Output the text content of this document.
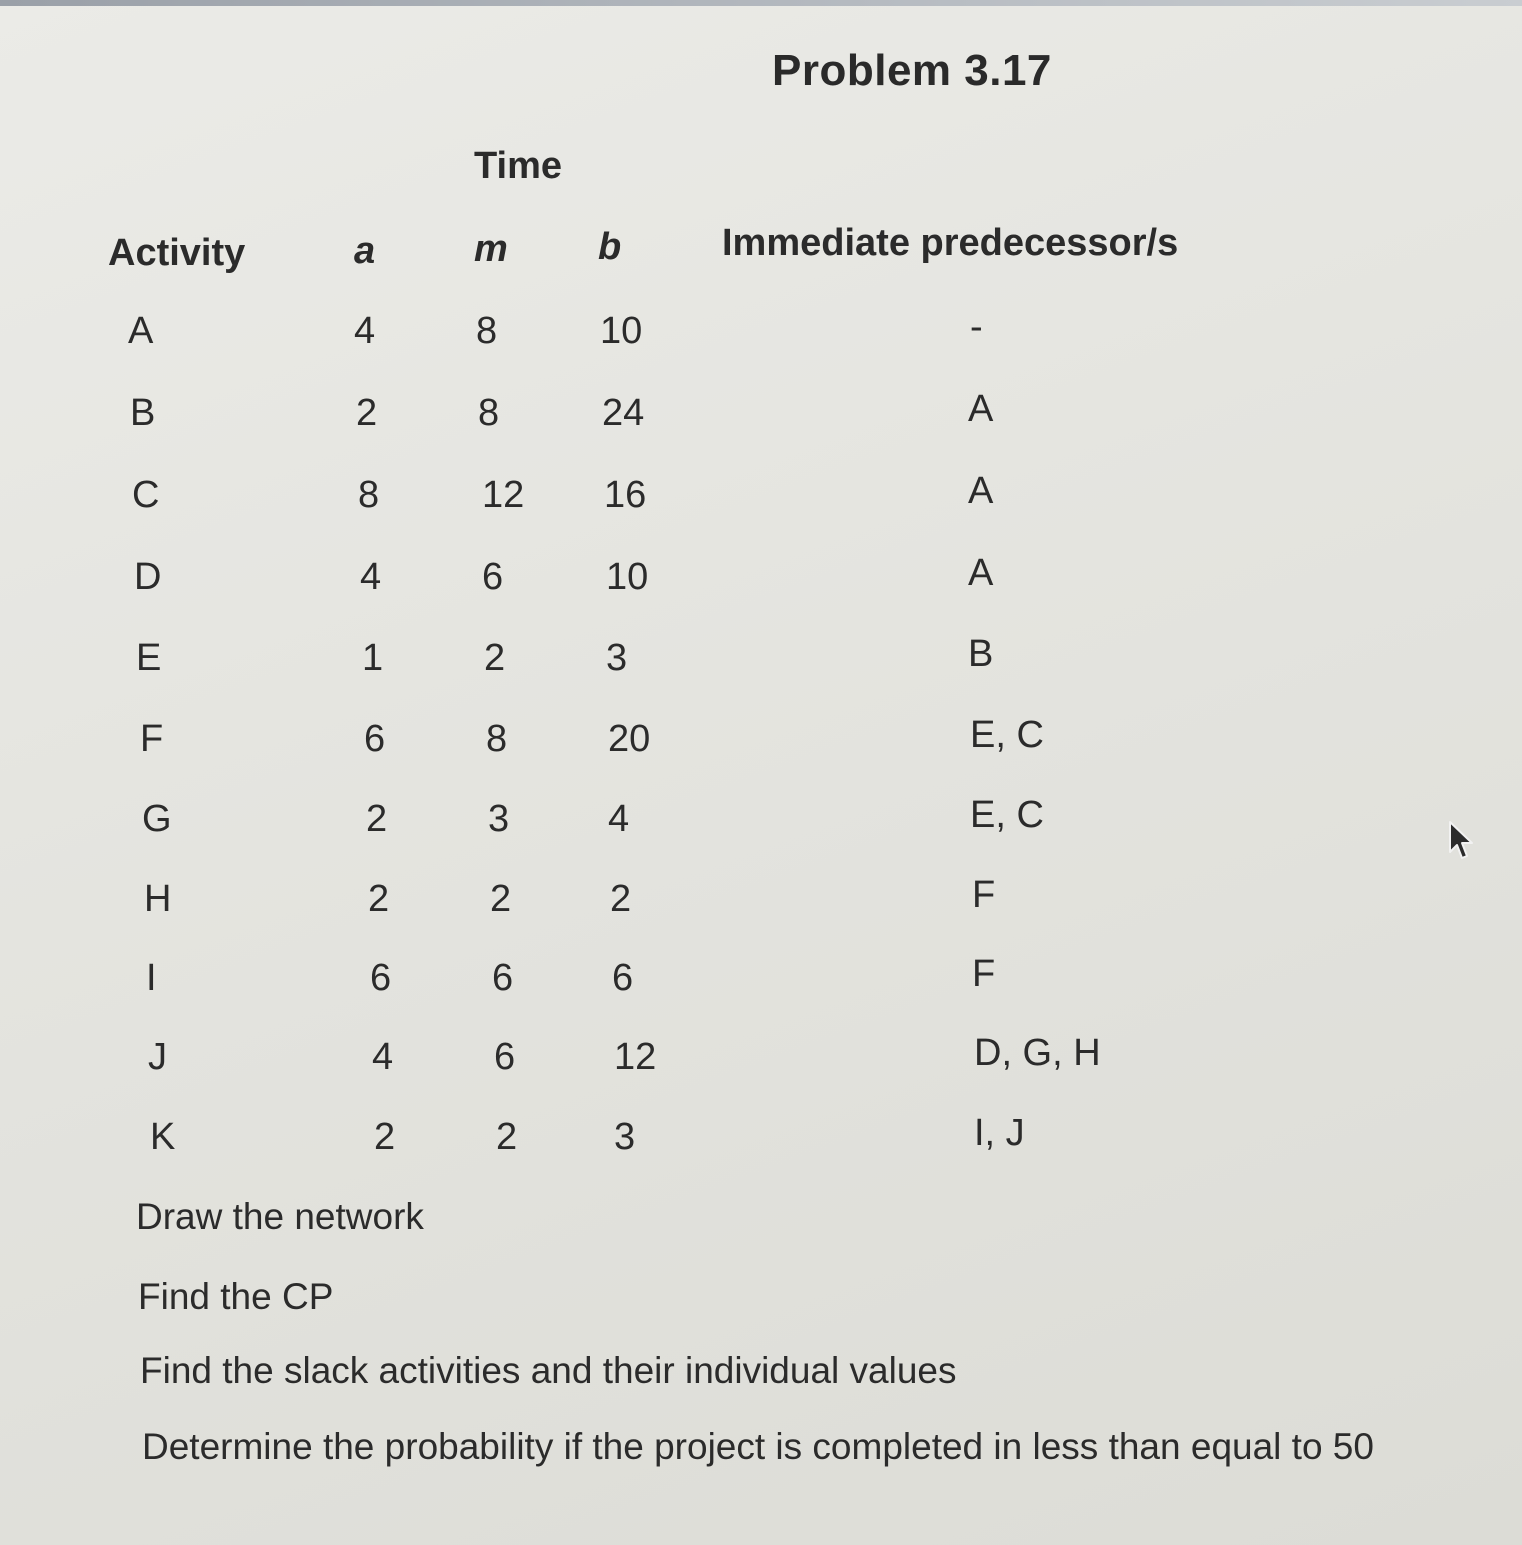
Problem 3.17
Time
Activity	a	m b	Immediate predecessor/s
A	4	8	10	-
B	2	8	24	A
C	8	12 16	A
D	4	6	10	A
E	1	2	3	B
F	6	8	20	E, C
G	2	3	4	E, C
H	2	2	2	F
I	6	6	6	F
J	4	6	12	D, G, H
K	2	2	3	I, J
Draw the network
Find the CP
Find the slack activities and their individual values
Determine the probability if the project is completed in less than equal to 50
